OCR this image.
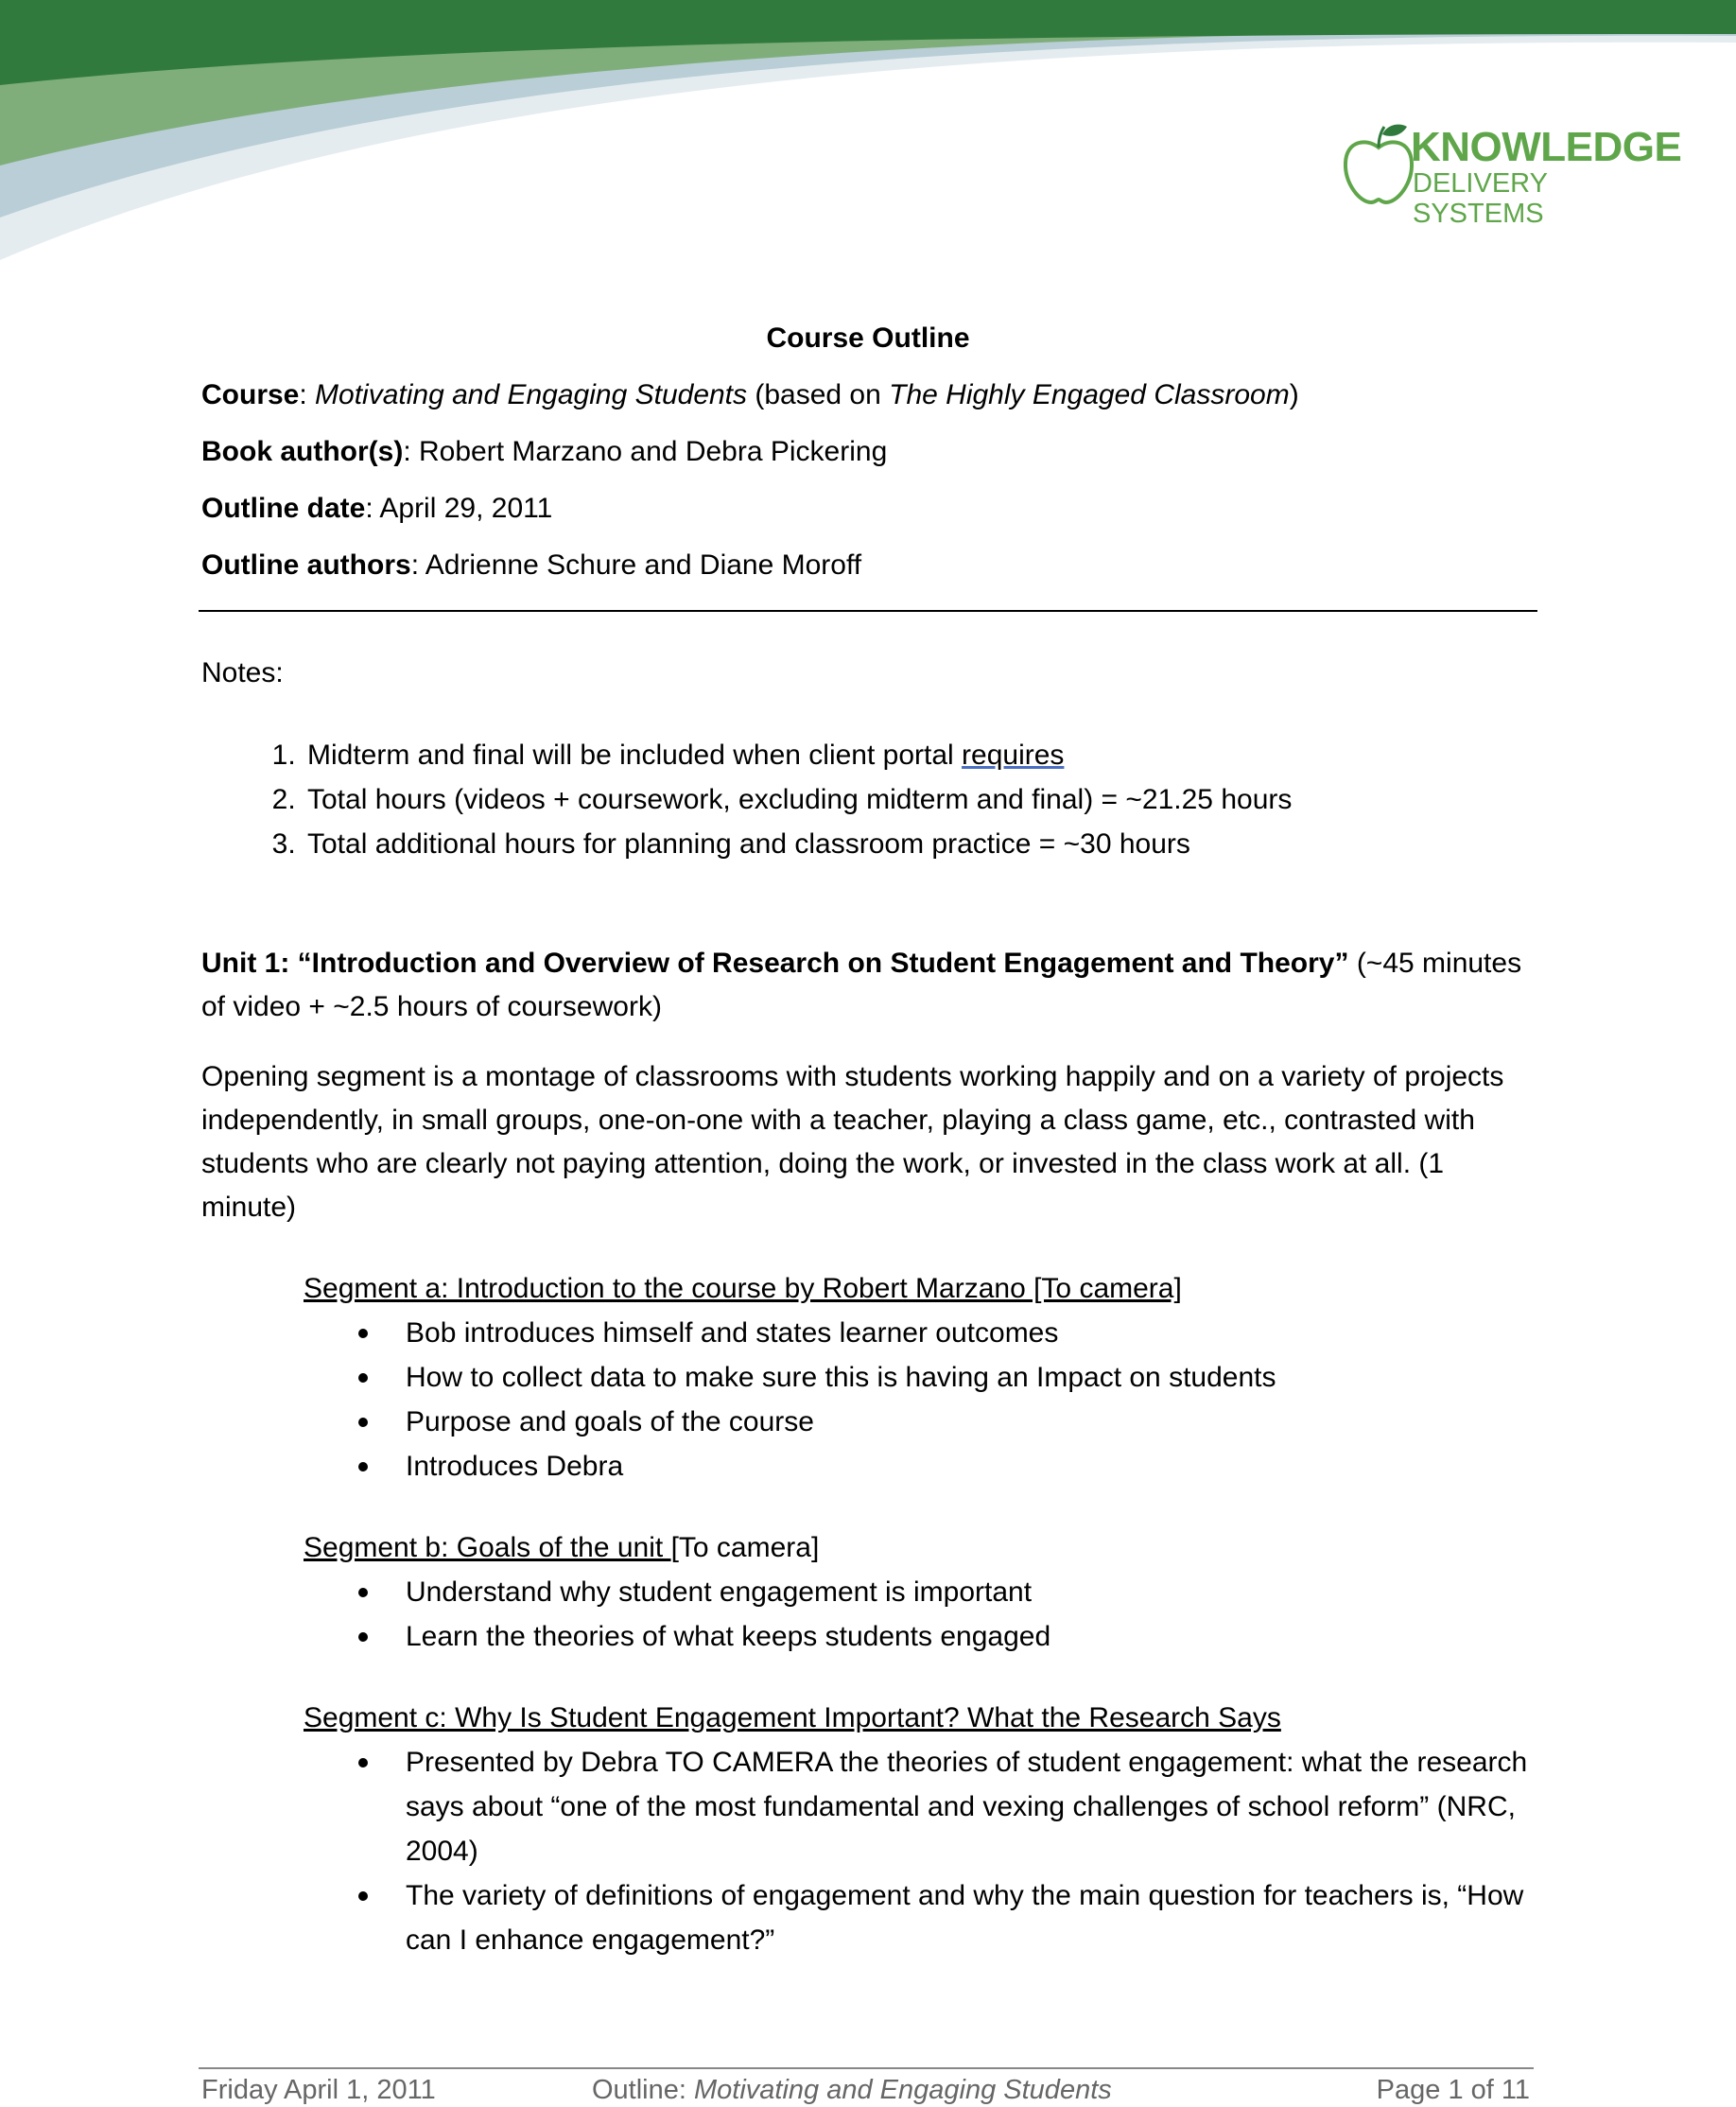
KNOWLEDGE
DELIVERY SYSTEMS
Course Outline

Course: Motivating and Engaging Students (based on The Highly Engaged Classroom)

Book author(s): Robert Marzano and Debra Pickering

Outline date: April 29, 2011

Outline authors: Adrienne Schure and Diane Moroff

Notes:
1. Midterm and final will be included when client portal requires
2. Total hours (videos + coursework, excluding midterm and final) = ~21.25 hours
3. Total additional hours for planning and classroom practice = ~30 hours
Unit 1: “Introduction and Overview of Research on Student Engagement and Theory” (~45 minutes of video + ~2.5 hours of coursework)
Opening segment is a montage of classrooms with students working happily and on a variety of projects independently, in small groups, one-on-one with a teacher, playing a class game, etc., contrasted with students who are clearly not paying attention, doing the work, or invested in the class work at all. (1 minute)
Segment a: Introduction to the course by Robert Marzano [To camera]
Bob introduces himself and states learner outcomes
How to collect data to make sure this is having an Impact on students
Purpose and goals of the course
Introduces Debra
Segment b: Goals of the unit [To camera]
Understand why student engagement is important
Learn the theories of what keeps students engaged
Segment c: Why Is Student Engagement Important? What the Research Says
Presented by Debra TO CAMERA the theories of student engagement: what the research says about “one of the most fundamental and vexing challenges of school reform” (NRC, 2004)
The variety of definitions of engagement and why the main question for teachers is, “How can I enhance engagement?”
Friday April 1, 2011	Outline: Motivating and Engaging Students	Page 1 of 11
